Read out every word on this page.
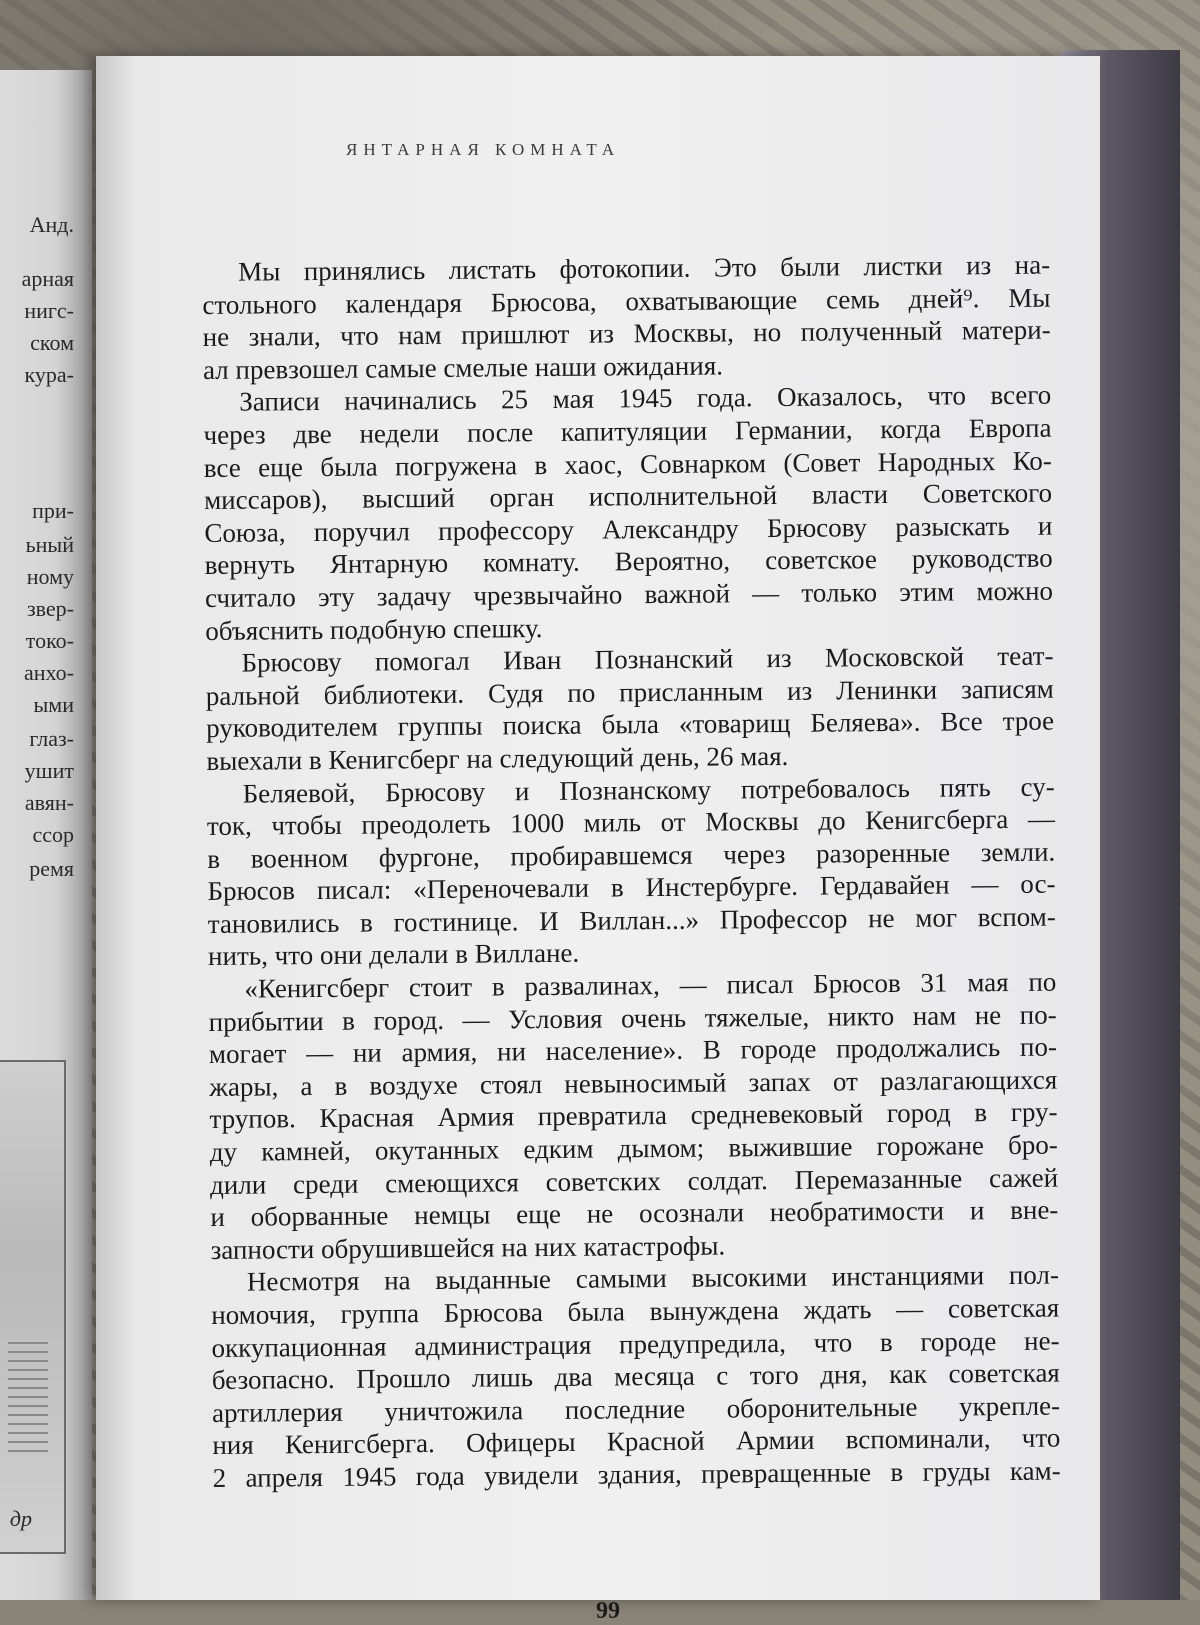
Анд.
арная
нигс-
ском
кура-
при-
ьный
ному
звер-
токо-
анхо-
ыми
глаз-
ушит
авян-
ссор
ремя
др
ЯНТАРНАЯ КОМНАТА
Мы принялись листать фотокопии. Это были листки из на-
стольного календаря Брюсова, охватывающие семь дней⁹. Мы
не знали, что нам пришлют из Москвы, но полученный матери-
ал превзошел самые смелые наши ожидания.
Записи начинались 25 мая 1945 года. Оказалось, что всего
через две недели после капитуляции Германии, когда Европа
все еще была погружена в хаос, Совнарком (Совет Народных Ко-
миссаров), высший орган исполнительной власти Советского
Союза, поручил профессору Александру Брюсову разыскать и
вернуть Янтарную комнату. Вероятно, советское руководство
считало эту задачу чрезвычайно важной — только этим можно
объяснить подобную спешку.
Брюсову помогал Иван Познанский из Московской теат-
ральной библиотеки. Судя по присланным из Ленинки записям
руководителем группы поиска была «товарищ Беляева». Все трое
выехали в Кенигсберг на следующий день, 26 мая.
Беляевой, Брюсову и Познанскому потребовалось пять су-
ток, чтобы преодолеть 1000 миль от Москвы до Кенигсберга —
в военном фургоне, пробиравшемся через разоренные земли.
Брюсов писал: «Переночевали в Инстербурге. Гердавайен — ос-
тановились в гостинице. И Виллан...» Профессор не мог вспом-
нить, что они делали в Виллане.
«Кенигсберг стоит в развалинах, — писал Брюсов 31 мая по
прибытии в город. — Условия очень тяжелые, никто нам не по-
могает — ни армия, ни население». В городе продолжались по-
жары, а в воздухе стоял невыносимый запах от разлагающихся
трупов. Красная Армия превратила средневековый город в гру-
ду камней, окутанных едким дымом; выжившие горожане бро-
дили среди смеющихся советских солдат. Перемазанные сажей
и оборванные немцы еще не осознали необратимости и вне-
запности обрушившейся на них катастрофы.
Несмотря на выданные самыми высокими инстанциями пол-
номочия, группа Брюсова была вынуждена ждать — советская
оккупационная администрация предупредила, что в городе не-
безопасно. Прошло лишь два месяца с того дня, как советская
артиллерия уничтожила последние оборонительные укрепле-
ния Кенигсберга. Офицеры Красной Армии вспоминали, что
2 апреля 1945 года увидели здания, превращенные в груды кам-
99
